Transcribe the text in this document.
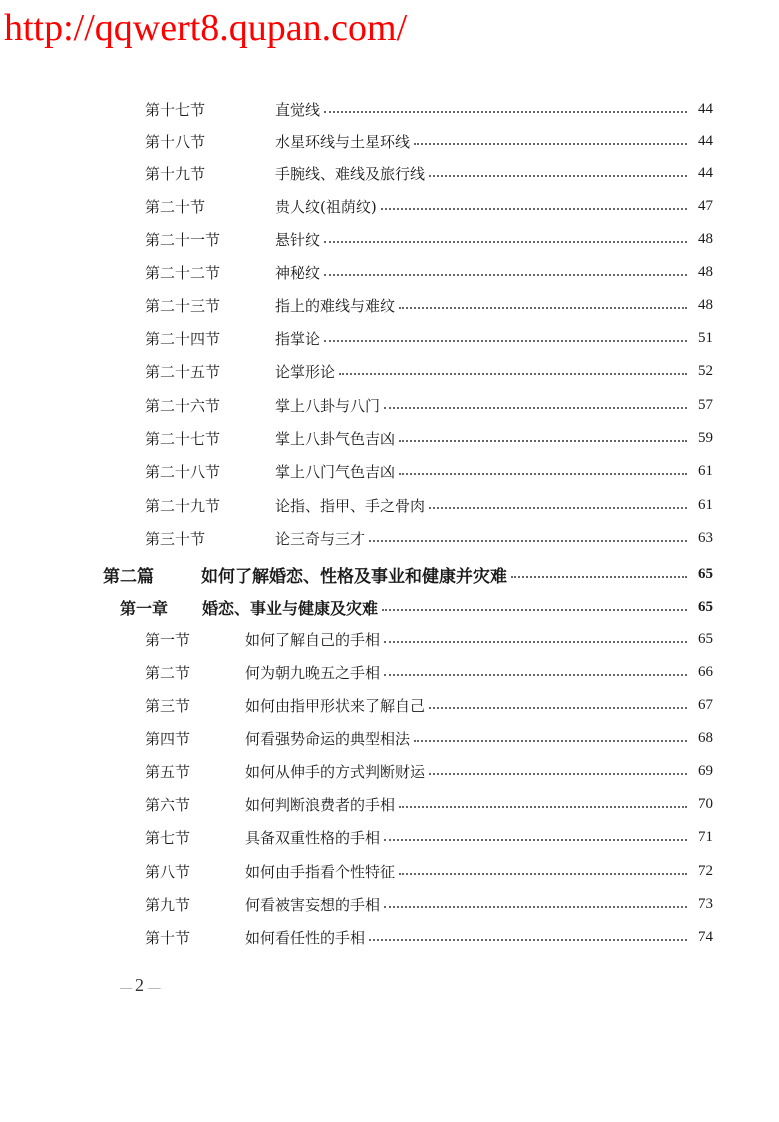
http://qqwert8.qupan.com/
第十七节	直觉线	44
第十八节	水星环线与土星环线	44
第十九节	手腕线、难线及旅行线	44
第二十节	贵人纹(祖荫纹)	47
第二十一节	悬针纹	48
第二十二节	神秘纹	48
第二十三节	指上的难线与难纹	48
第二十四节	指掌论	51
第二十五节	论掌形论	52
第二十六节	掌上八卦与八门	57
第二十七节	掌上八卦气色吉凶	59
第二十八节	掌上八门气色吉凶	61
第二十九节	论指、指甲、手之骨肉	61
第三十节	论三奇与三才	63
第二篇	如何了解婚恋、性格及事业和健康并灾难	65
第一章	婚恋、事业与健康及灾难	65
第一节	如何了解自己的手相	65
第二节	何为朝九晚五之手相	66
第三节	如何由指甲形状来了解自己	67
第四节	何看强势命运的典型相法	68
第五节	如何从伸手的方式判断财运	69
第六节	如何判断浪费者的手相	70
第七节	具备双重性格的手相	71
第八节	如何由手指看个性特征	72
第九节	何看被害妄想的手相	73
第十节	如何看任性的手相	74
— 2 —
